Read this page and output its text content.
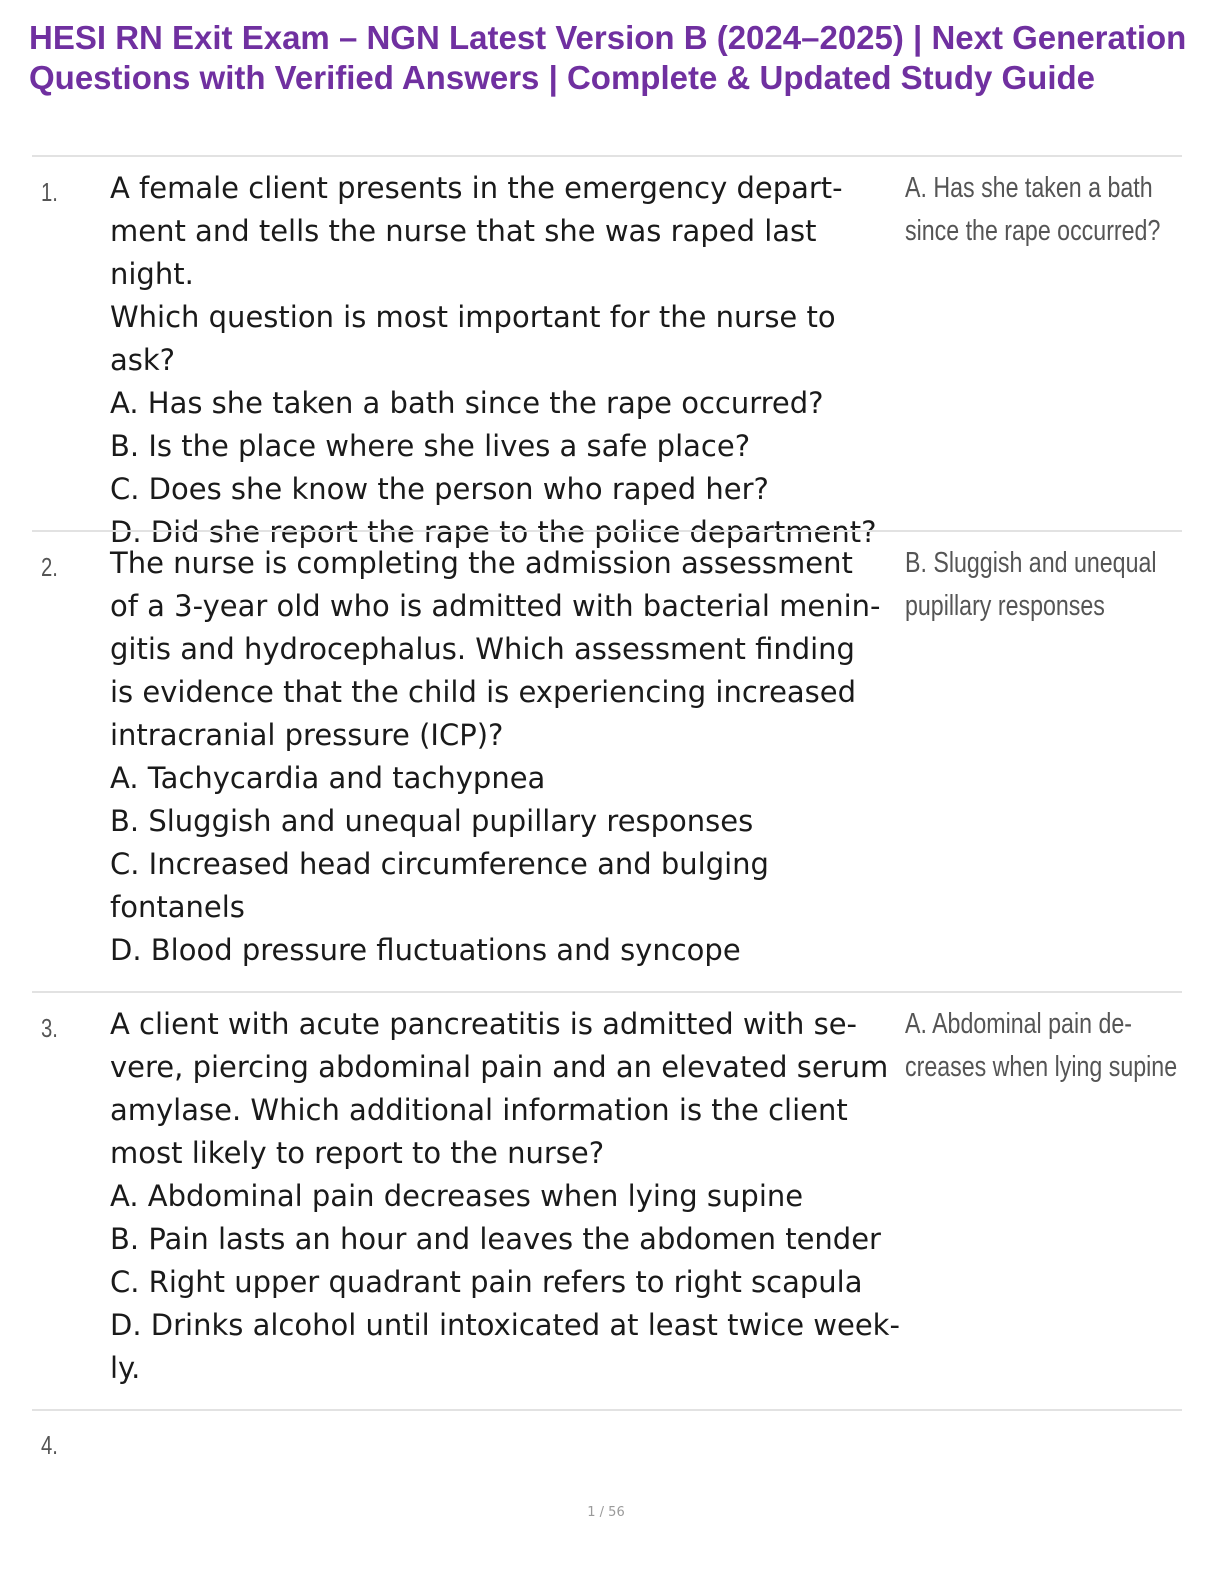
HESI RN Exit Exam – NGN Latest Version B (2024–2025) | Next Generation Questions with Verified Answers | Complete & Updated Study Guide
1. A female client presents in the emergency depart-

ment and tells the nurse that she was raped last night.

Which question is most important for the nurse to

ask?

A. Has she taken a bath since the rape occurred?

B. Is the place where she lives a safe place?

C. Does she know the person who raped her?

D. Did she report the rape to the police department?

A. Has she taken a bath

since the rape occurred?

2. The nurse is completing the admission assessment

of a 3-year old who is admitted with bacterial menin-

gitis and hydrocephalus. Which assessment finding

is evidence that the child is experiencing increased

intracranial pressure (ICP)?

A. Tachycardia and tachypnea

B. Sluggish and unequal pupillary responses

C. Increased head circumference and bulging

fontanels

D. Blood pressure fluctuations and syncope

B. Sluggish and unequal

pupillary responses

3. A client with acute pancreatitis is admitted with se-

vere, piercing abdominal pain and an elevated serum

amylase. Which additional information is the client

most likely to report to the nurse?

A. Abdominal pain decreases when lying supine

B. Pain lasts an hour and leaves the abdomen tender

C. Right upper quadrant pain refers to right scapula

D. Drinks alcohol until intoxicated at least twice week-

ly.

A. Abdominal pain de-

creases when lying supine

4.
1 / 56
